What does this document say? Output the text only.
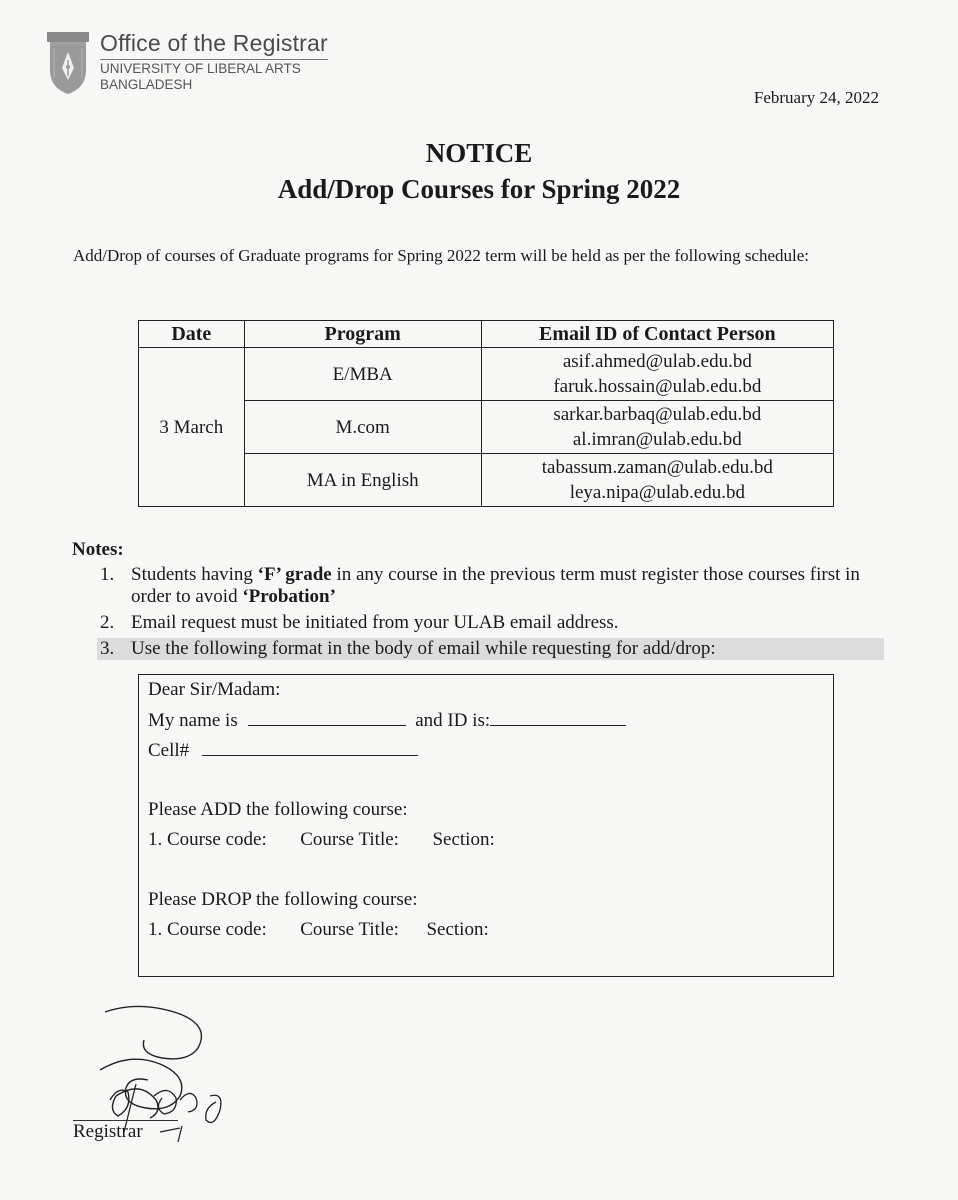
Office of the Registrar
UNIVERSITY OF LIBERAL ARTS
BANGLADESH
February 24, 2022
NOTICE
Add/Drop Courses for Spring 2022
Add/Drop of courses of Graduate programs for Spring 2022 term will be held as per the following schedule:
Date	Program	Email ID of Contact Person
3 March	E/MBA	asif.ahmed@ulab.edu.bd
faruk.hossain@ulab.edu.bd

	M.com	sarkar.barbaq@ulab.edu.bd
al.imran@ulab.edu.bd

	MA in English	tabassum.zaman@ulab.edu.bd
leya.nipa@ulab.edu.bd
Notes:
1. Students having ‘F’ grade in any course in the previous term must register those courses first in order to avoid ‘Probation’
2. Email request must be initiated from your ULAB email address.
3. Use the following format in the body of email while requesting for add/drop:
Dear Sir/Madam:
My name is	and ID is:
Cell#
Please ADD the following course:
1. Course code: Course Title: Section:
Please DROP the following course:
1. Course code: Course Title: Section:
Registrar
